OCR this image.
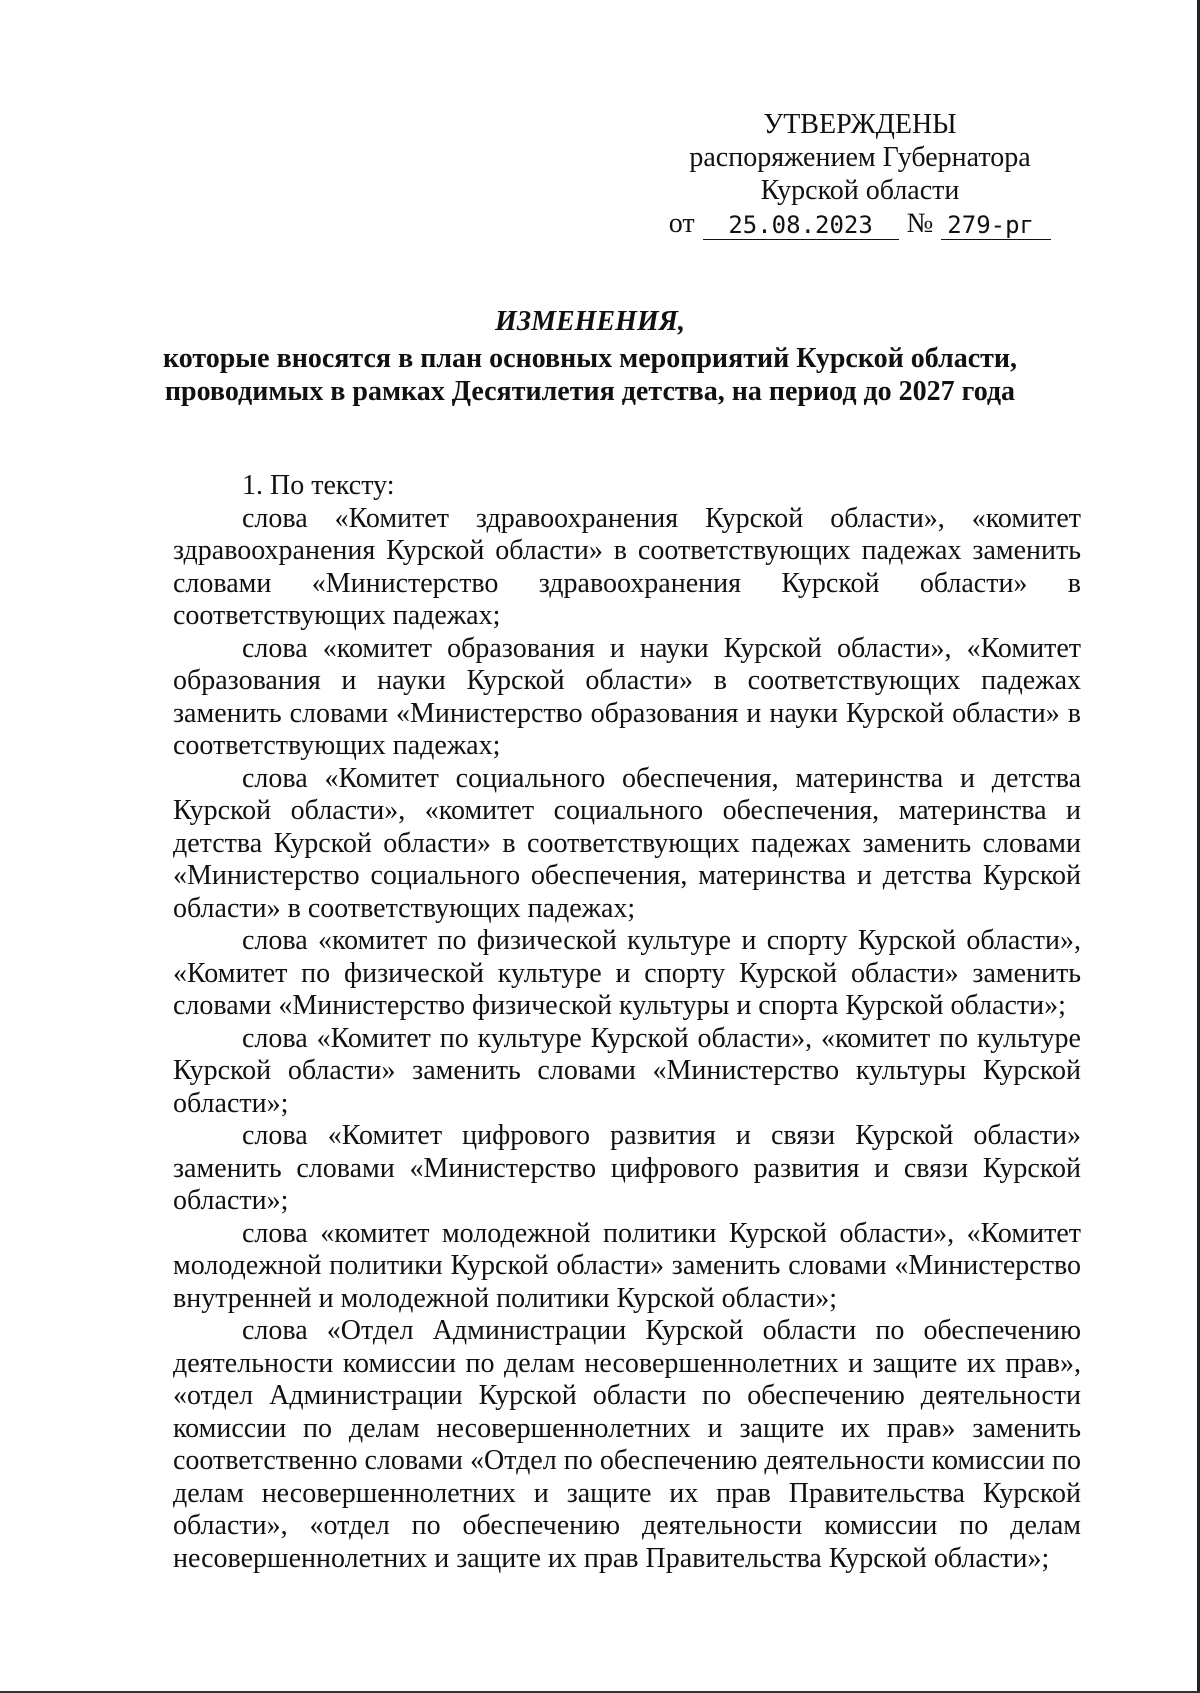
УТВЕРЖДЕНЫ
распоряжением Губернатора
Курской области
от	25.08.2023	№ 279-рг
ИЗМЕНЕНИЯ,
которые вносятся в план основных мероприятий Курской области, проводимых в рамках Десятилетия детства, на период до 2027 года

1. По тексту:

слова «Комитет здравоохранения Курской области», «комитет здравоохранения Курской области» в соответствующих падежах заменить словами «Министерство здравоохранения Курской области» в соответствующих падежах;

слова «комитет образования и науки Курской области», «Комитет образования и науки Курской области» в соответствующих падежах заменить словами «Министерство образования и науки Курской области» в соответствующих падежах;

слова «Комитет социального обеспечения, материнства и детства Курской области», «комитет социального обеспечения, материнства и детства Курской области» в соответствующих падежах заменить словами «Министерство социального обеспечения, материнства и детства Курской области» в соответствующих падежах;

слова «комитет по физической культуре и спорту Курской области», «Комитет по физической культуре и спорту Курской области» заменить словами «Министерство физической культуры и спорта Курской области»;

слова «Комитет по культуре Курской области», «комитет по культуре Курской области» заменить словами «Министерство культуры Курской области»;

слова «Комитет цифрового развития и связи Курской области» заменить словами «Министерство цифрового развития и связи Курской области»;

слова «комитет молодежной политики Курской области», «Комитет молодежной политики Курской области» заменить словами «Министерство внутренней и молодежной политики Курской области»;

слова «Отдел Администрации Курской области по обеспечению деятельности комиссии по делам несовершеннолетних и защите их прав», «отдел Администрации Курской области по обеспечению деятельности комиссии по делам несовершеннолетних и защите их прав» заменить соответственно словами «Отдел по обеспечению деятельности комиссии по делам несовершеннолетних и защите их прав Правительства Курской области», «отдел по обеспечению деятельности комиссии по делам несовершеннолетних и защите их прав Правительства Курской области»;
